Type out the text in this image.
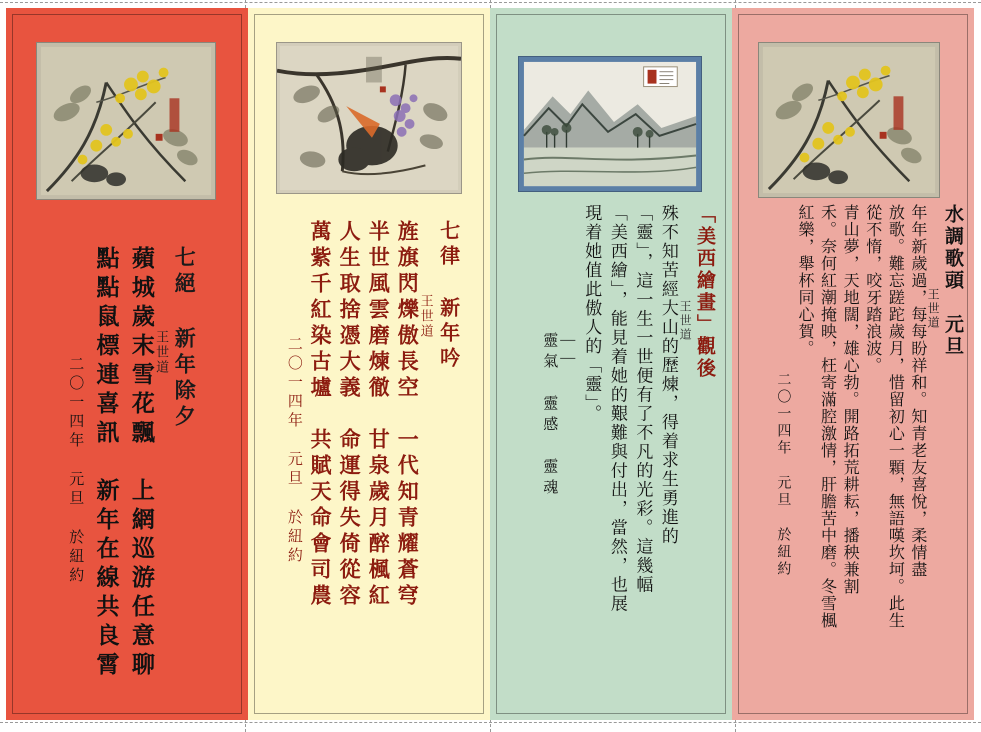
七絕 新年除夕
王世道
蘋城歲末雪花飄　上網巡游任意聊
點點鼠標連喜訊　新年在線共良霄
二〇一四年 元旦 於紐約
七律 新年吟
王世道
旌旗閃爍傲長空　一代知青耀蒼穹
半世風雲磨煉徹　甘泉歲月醉楓紅
人生取捨憑大義　命運得失倚從容
萬紫千紅染古壚　共賦天命會司農
二〇一四年 元旦 於紐約
「美西繪畫」觀後
王世道
殊不知苦經大山的歷煉，得着求生勇進的
「靈」，這一生一世便有了不凡的光彩。這幾幅
「美西繪」，能見着她的艱難與付出，當然，也展
現着她值此傲人的「靈」。
——
靈氣　靈感　靈魂
水調歌頭　元旦
王世道
年年新歲過，每每盼祥和。知青老友喜悅，柔情盡
放歌。難忘蹉跎歲月，惜留初心一顆，無語嘆坎坷。此生
從不惰，咬牙踏浪波。
青山夢，天地闊，雄心勃。開路拓荒耕耘，播秧兼割
禾。奈何紅潮掩映，枉寄滿腔激情，肝膽苦中磨。冬雪楓
紅樂，舉杯同心賀。
二〇一四年 元旦 於紐約
